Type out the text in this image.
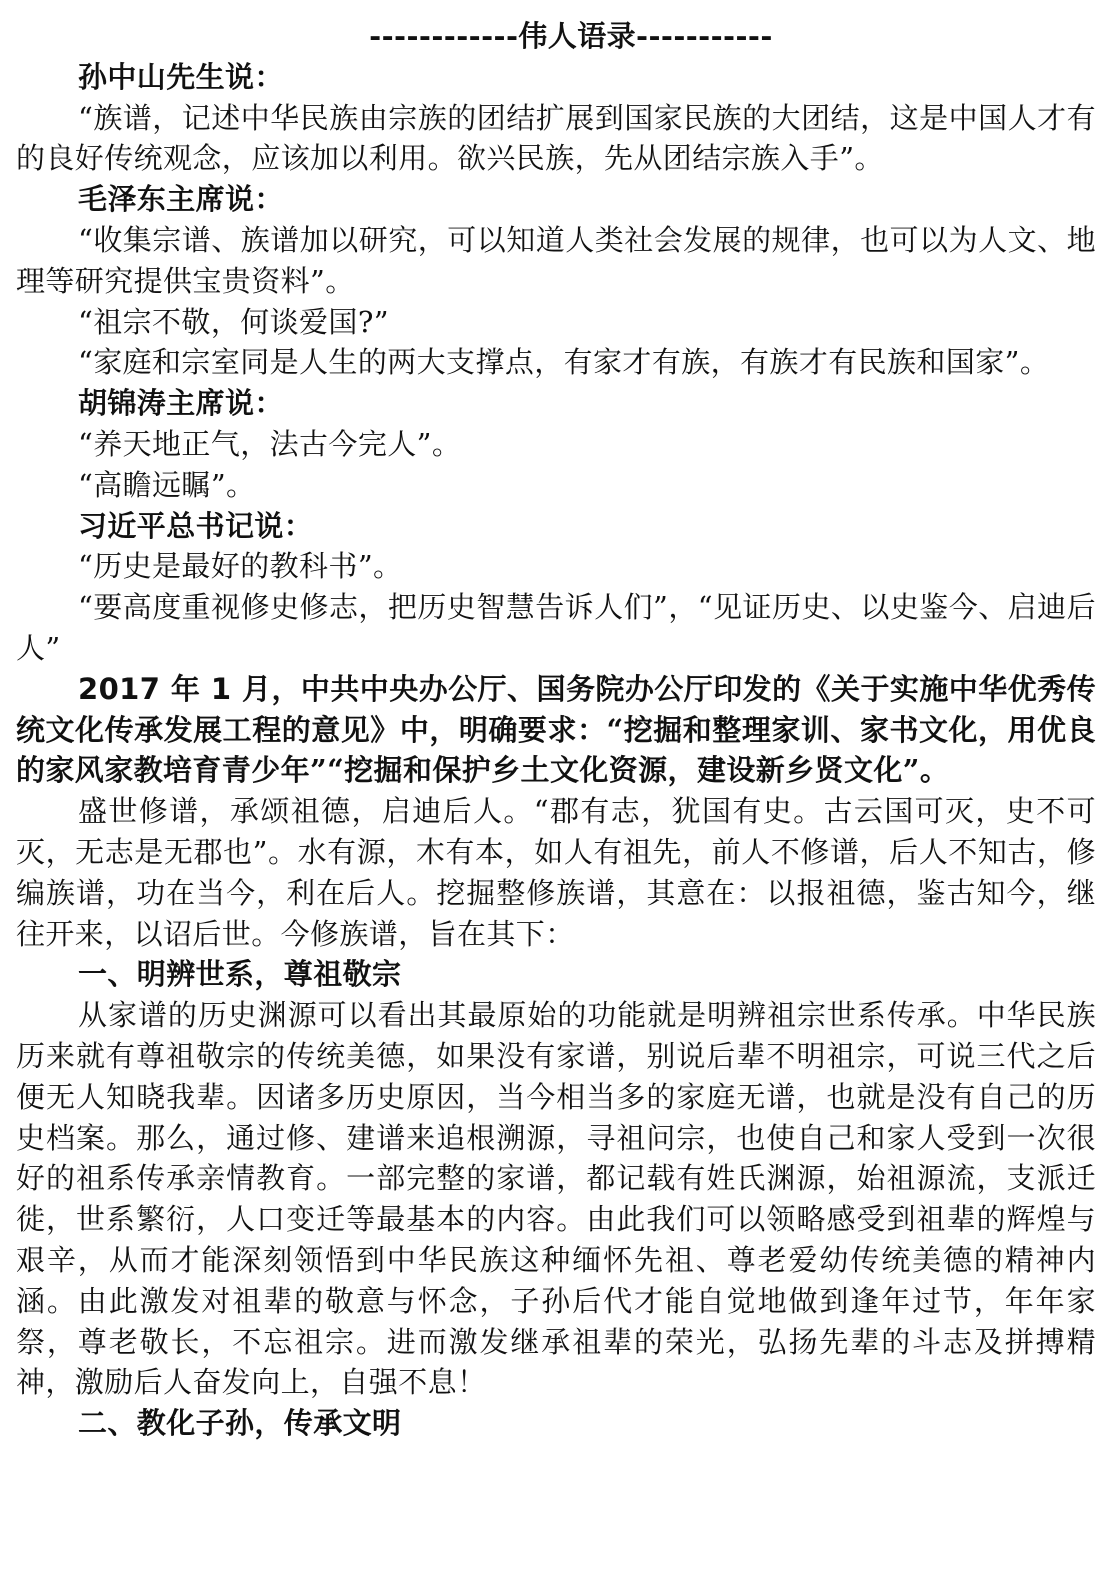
------------伟人语录-----------

孙中山先生说：

“族谱，记述中华民族由宗族的团结扩展到国家民族的大团结，这是中国人才有的良好传统观念，应该加以利用。欲兴民族，先从团结宗族入手”。

毛泽东主席说：

“收集宗谱、族谱加以研究，可以知道人类社会发展的规律，也可以为人文、地理等研究提供宝贵资料”。

“祖宗不敬，何谈爱国?”

“家庭和宗室同是人生的两大支撑点，有家才有族，有族才有民族和国家”。

胡锦涛主席说：

“养天地正气，法古今完人”。

“高瞻远瞩”。

习近平总书记说：

“历史是最好的教科书”。

“要高度重视修史修志，把历史智慧告诉人们”，“见证历史、以史鉴今、启迪后人”

2017 年 1 月，中共中央办公厅、国务院办公厅印发的《关于实施中华优秀传统文化传承发展工程的意见》中，明确要求：“挖掘和整理家训、家书文化，用优良的家风家教培育青少年”“挖掘和保护乡土文化资源，建设新乡贤文化”。

盛世修谱，承颂祖德，启迪后人。“郡有志，犹国有史。古云国可灭，史不可灭，无志是无郡也”。水有源，木有本，如人有祖先，前人不修谱，后人不知古，修编族谱，功在当今，利在后人。挖掘整修族谱，其意在：以报祖德，鉴古知今，继往开来，以诏后世。今修族谱，旨在其下：

一、明辨世系，尊祖敬宗

从家谱的历史渊源可以看出其最原始的功能就是明辨祖宗世系传承。中华民族历来就有尊祖敬宗的传统美德，如果没有家谱，别说后辈不明祖宗，可说三代之后便无人知晓我辈。因诸多历史原因，当今相当多的家庭无谱，也就是没有自己的历史档案。那么，通过修、建谱来追根溯源，寻祖问宗，也使自己和家人受到一次很好的祖系传承亲情教育。一部完整的家谱，都记载有姓氏渊源，始祖源流，支派迁徙，世系繁衍，人口变迁等最基本的内容。由此我们可以领略感受到祖辈的辉煌与艰辛，从而才能深刻领悟到中华民族这种缅怀先祖、尊老爱幼传统美德的精神内涵。由此激发对祖辈的敬意与怀念，子孙后代才能自觉地做到逢年过节，年年家祭，尊老敬长，不忘祖宗。进而激发继承祖辈的荣光，弘扬先辈的斗志及拼搏精神，激励后人奋发向上，自强不息！

二、教化子孙，传承文明
